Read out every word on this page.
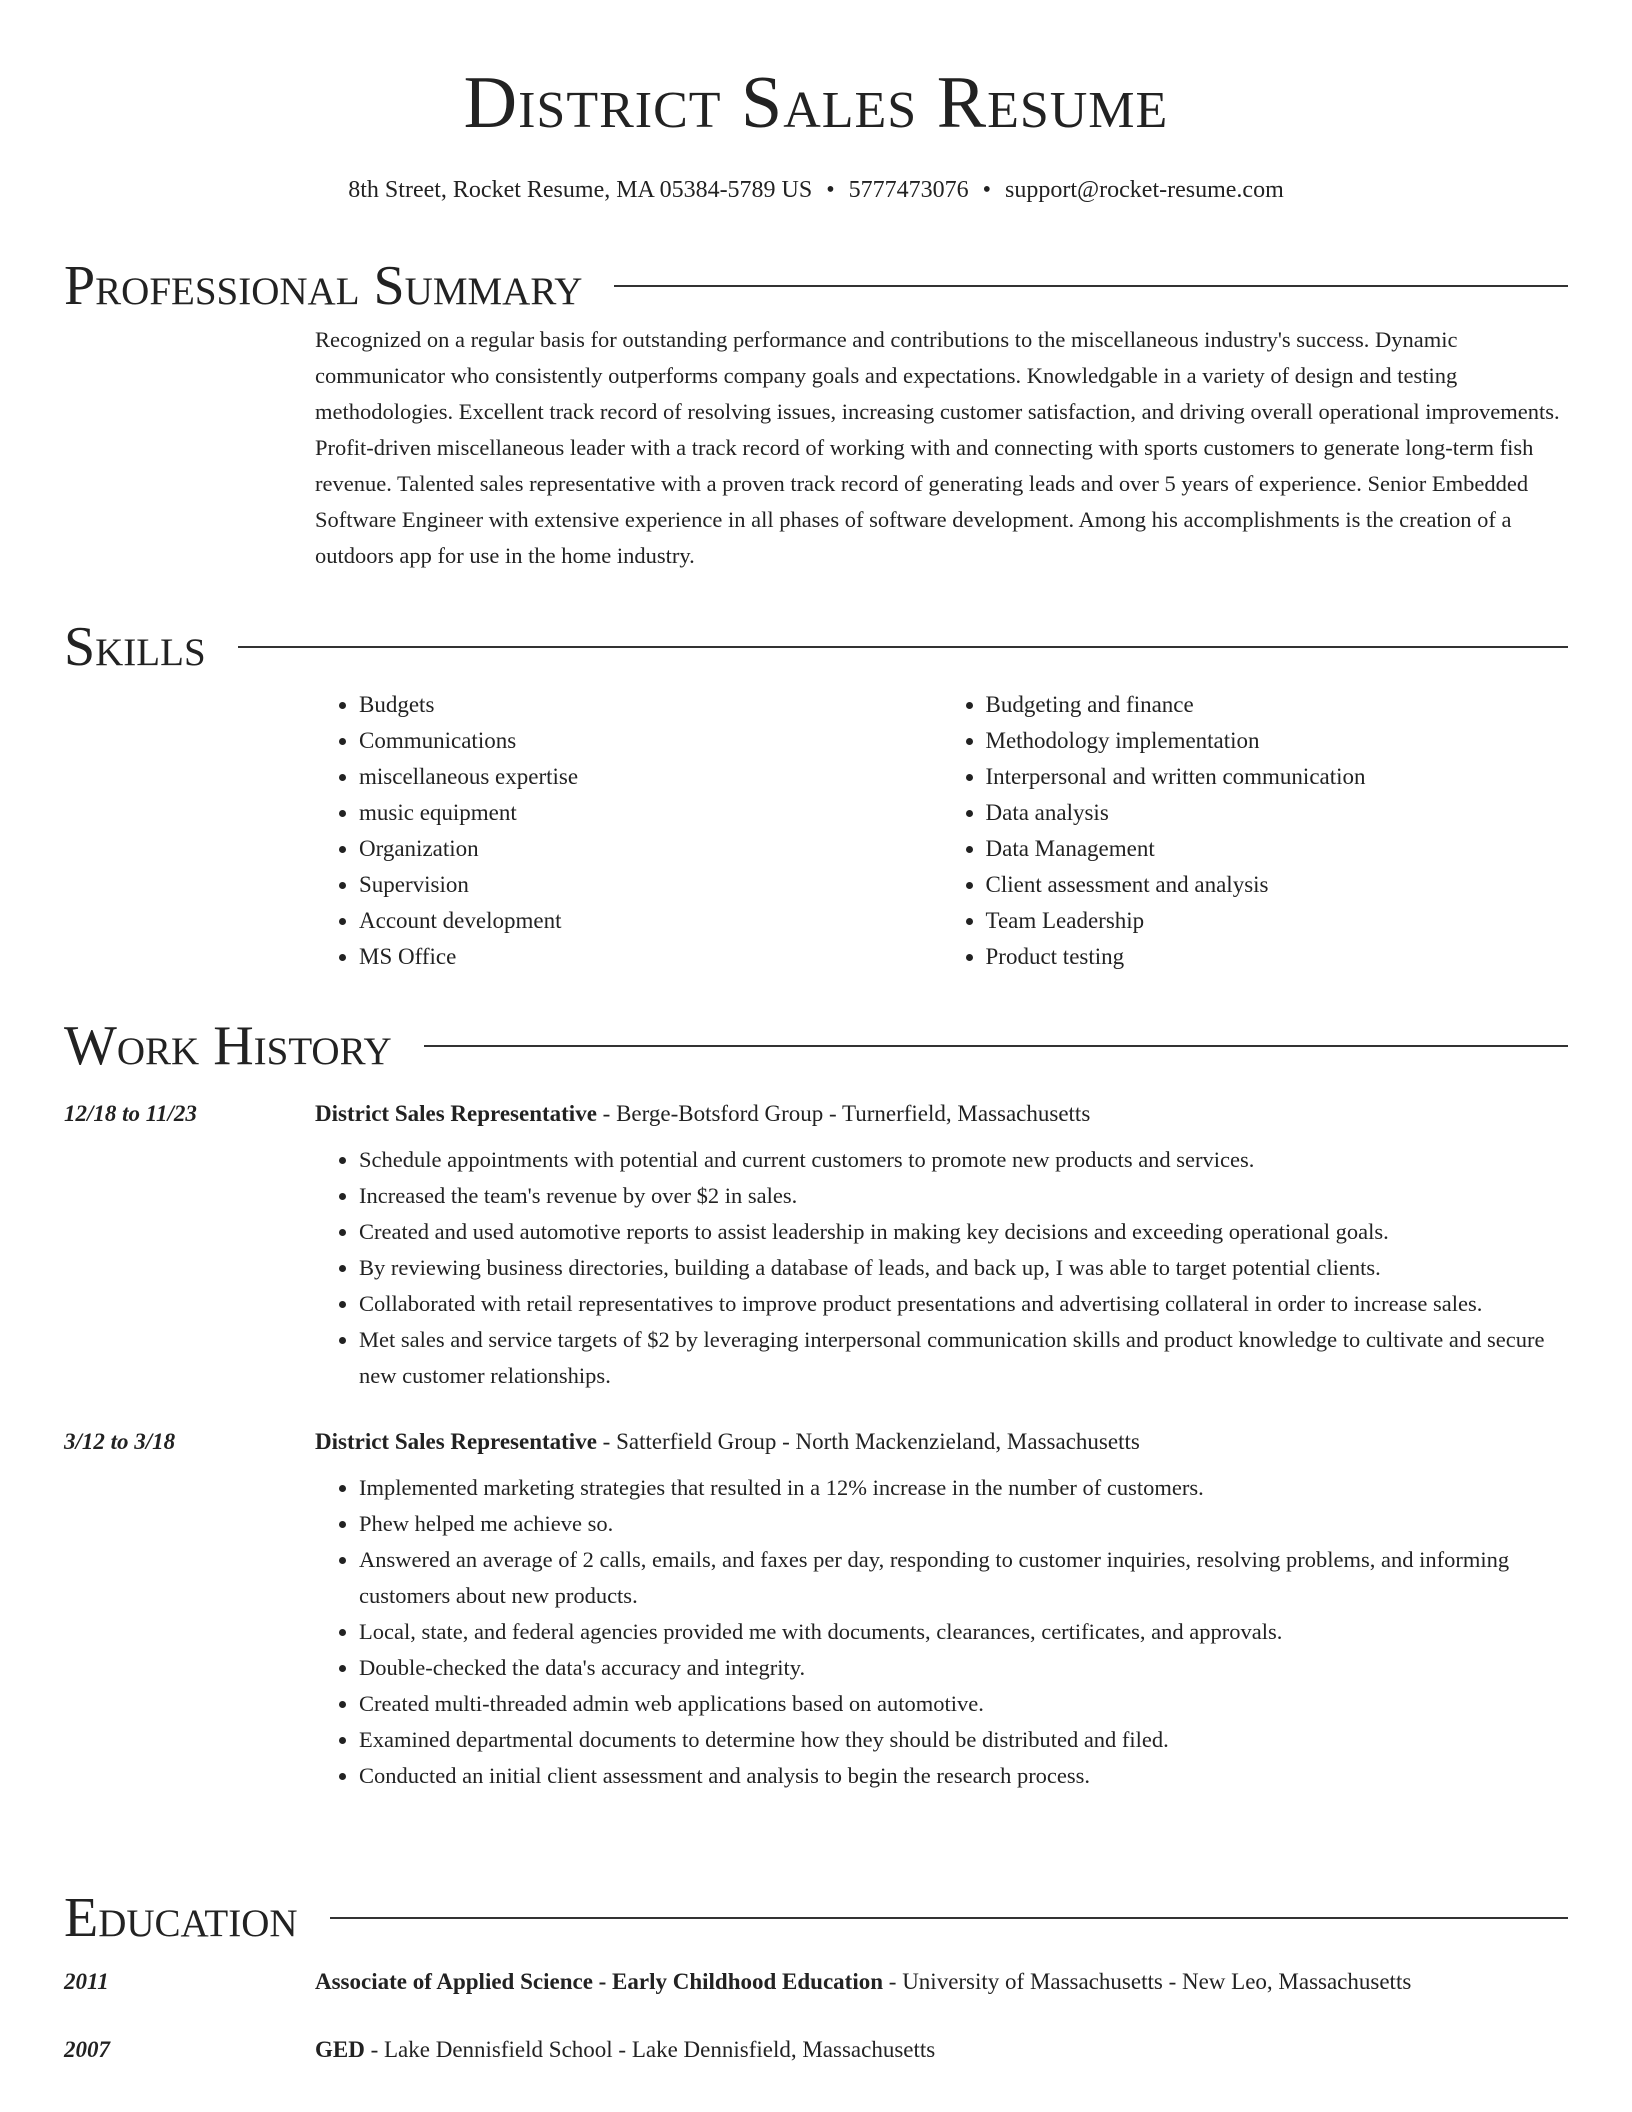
District Sales Resume
8th Street, Rocket Resume, MA 05384-5789 US • 5777473076 • support@rocket-resume.com
Professional Summary

Recognized on a regular basis for outstanding performance and contributions to the miscellaneous industry's success. Dynamic communicator who consistently outperforms company goals and expectations. Knowledgable in a variety of design and testing methodologies. Excellent track record of resolving issues, increasing customer satisfaction, and driving overall operational improvements. Profit-driven miscellaneous leader with a track record of working with and connecting with sports customers to generate long-term fish revenue. Talented sales representative with a proven track record of generating leads and over 5 years of experience. Senior Embedded Software Engineer with extensive experience in all phases of software development. Among his accomplishments is the creation of a outdoors app for use in the home industry.

Skills
• Budgets
• Communications
• miscellaneous expertise
• music equipment
• Organization
• Supervision
• Account development
• MS Office
• Budgeting and finance
• Methodology implementation
• Interpersonal and written communication
• Data analysis
• Data Management
• Client assessment and analysis
• Team Leadership
• Product testing
Work History
12/18 to 11/23	District Sales Representative - Berge-Botsford Group - Turnerfield, Massachusetts
• Schedule appointments with potential and current customers to promote new products and services.
• Increased the team's revenue by over $2 in sales.
• Created and used automotive reports to assist leadership in making key decisions and exceeding operational goals.
• By reviewing business directories, building a database of leads, and back up, I was able to target potential clients.
• Collaborated with retail representatives to improve product presentations and advertising collateral in order to increase sales.
• Met sales and service targets of $2 by leveraging interpersonal communication skills and product knowledge to cultivate and secure new customer relationships.
3/12 to 3/18	District Sales Representative - Satterfield Group - North Mackenzieland, Massachusetts
• Implemented marketing strategies that resulted in a 12% increase in the number of customers.
• Phew helped me achieve so.
• Answered an average of 2 calls, emails, and faxes per day, responding to customer inquiries, resolving problems, and informing customers about new products.
• Local, state, and federal agencies provided me with documents, clearances, certificates, and approvals.
• Double-checked the data's accuracy and integrity.
• Created multi-threaded admin web applications based on automotive.
• Examined departmental documents to determine how they should be distributed and filed.
• Conducted an initial client assessment and analysis to begin the research process.
Education
2011	Associate of Applied Science - Early Childhood Education - University of Massachusetts - New Leo, Massachusetts
2007	GED - Lake Dennisfield School - Lake Dennisfield, Massachusetts
